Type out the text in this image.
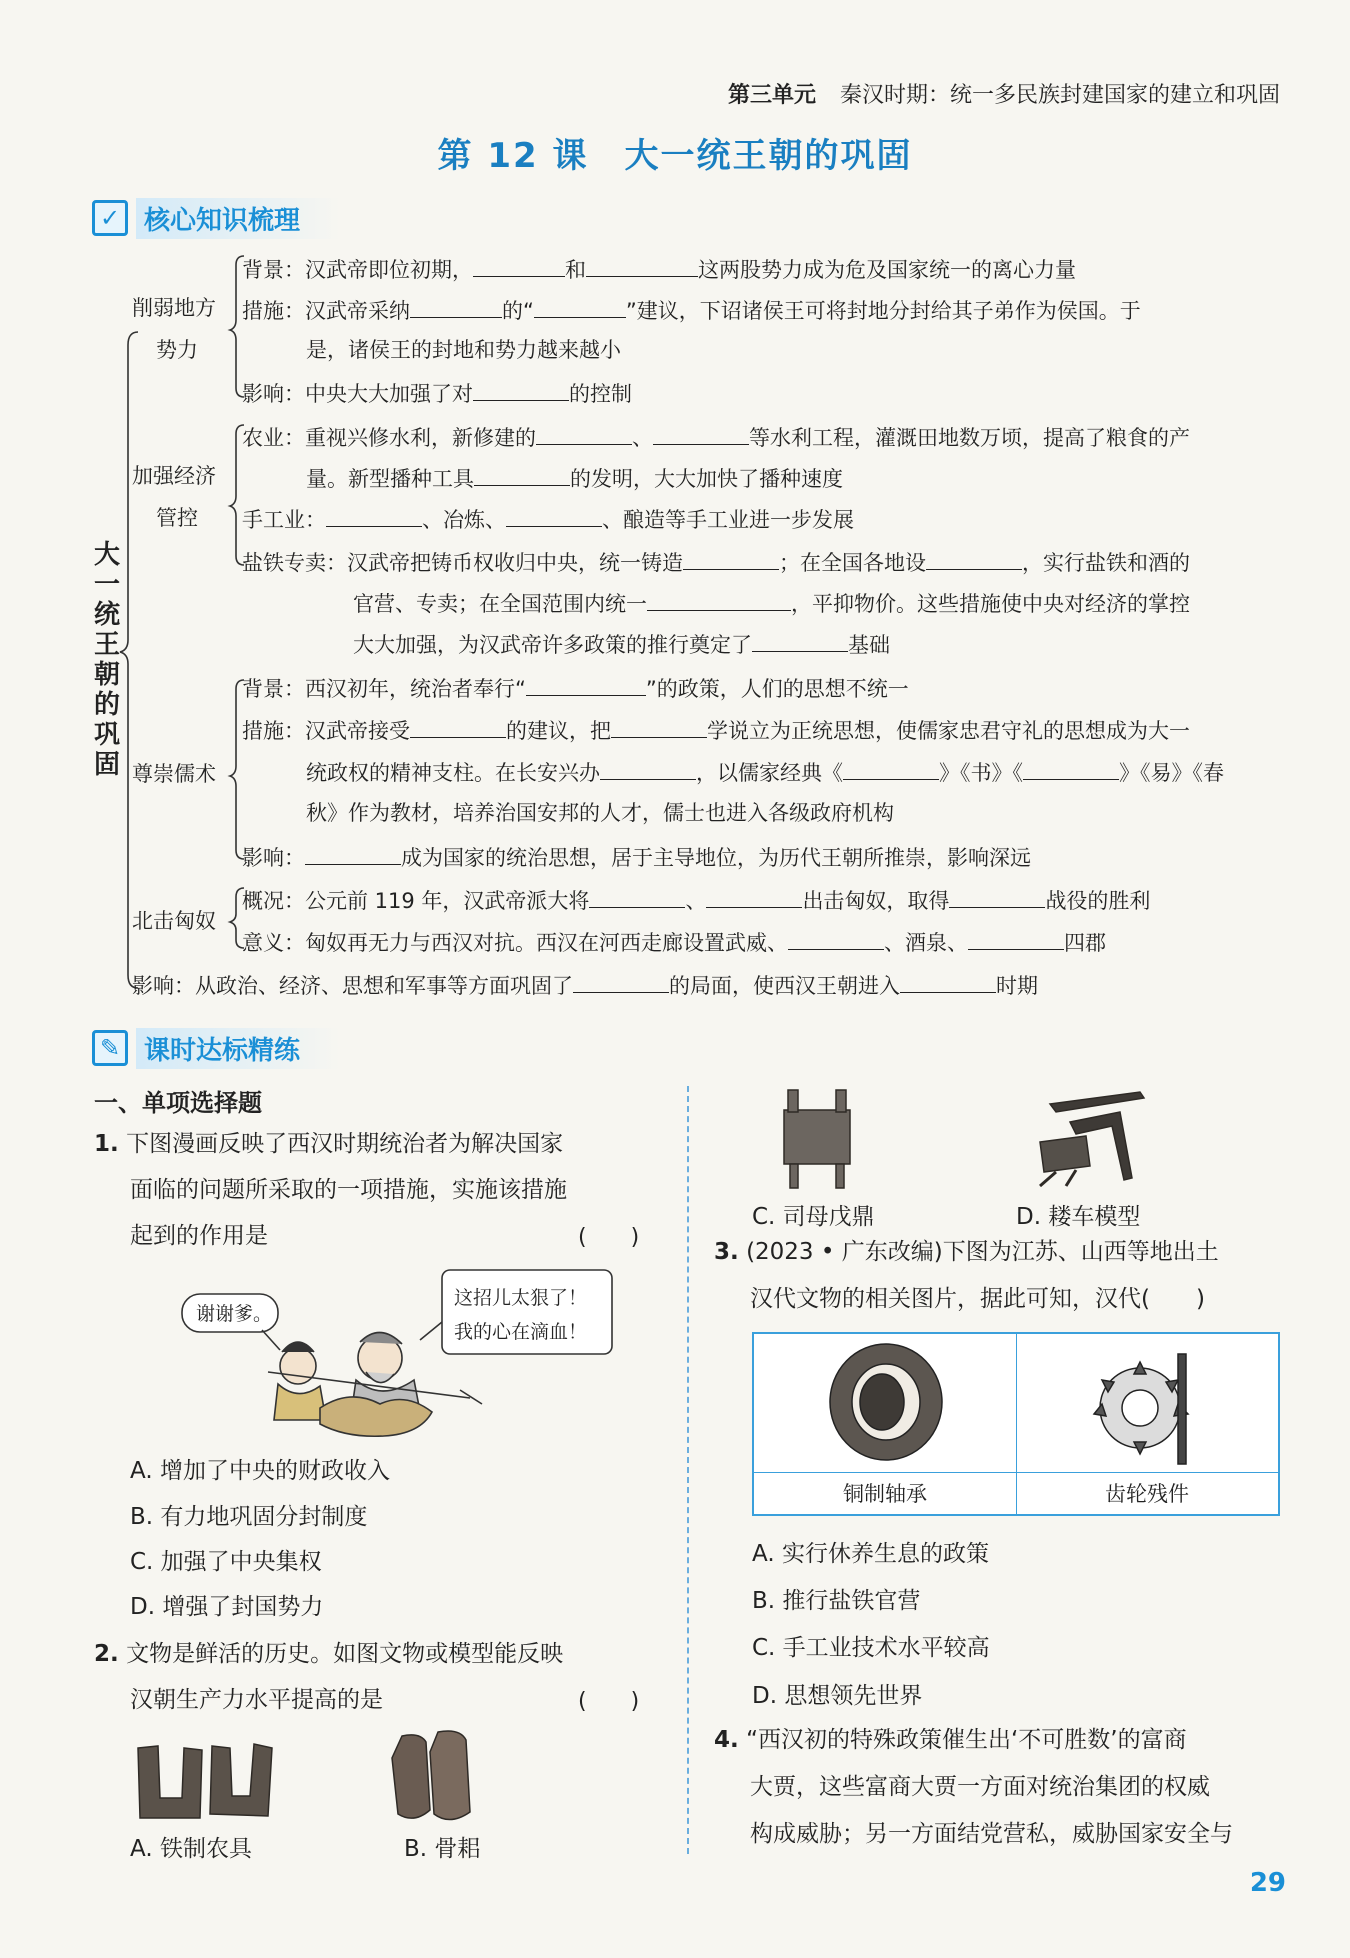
第三单元 秦汉时期：统一多民族封建国家的建立和巩固
第 12 课　大一统王朝的巩固
✓ 核心知识梳理
大一统王朝的巩固
削弱地方
势力
加强经济
管控
尊崇儒术
北击匈奴
背景：汉武帝即位初期，	和	这两股势力成为危及国家统一的离心力量
措施：汉武帝采纳	的“	”建议，下诏诸侯王可将封地分封给其子弟作为侯国。于
是，诸侯王的封地和势力越来越小
影响：中央大大加强了对	的控制
农业：重视兴修水利，新修建的	、	等水利工程，灌溉田地数万顷，提高了粮食的产
量。新型播种工具	的发明，大大加快了播种速度
手工业：	、冶炼、	、酿造等手工业进一步发展
盐铁专卖：汉武帝把铸币权收归中央，统一铸造	；在全国各地设	，实行盐铁和酒的
官营、专卖；在全国范围内统一	，平抑物价。这些措施使中央对经济的掌控
大大加强，为汉武帝许多政策的推行奠定了	基础
背景：西汉初年，统治者奉行“	”的政策，人们的思想不统一
措施：汉武帝接受	的建议，把	学说立为正统思想，使儒家忠君守礼的思想成为大一
统政权的精神支柱。在长安兴办	，以儒家经典《	》《书》《	》《易》《春
秋》作为教材，培养治国安邦的人才，儒士也进入各级政府机构
影响：	成为国家的统治思想，居于主导地位，为历代王朝所推崇，影响深远
概况：公元前 119 年，汉武帝派大将	、	出击匈奴，取得	战役的胜利
意义：匈奴再无力与西汉对抗。西汉在河西走廊设置武威、	、酒泉、	四郡
影响：从政治、经济、思想和军事等方面巩固了	的局面，使西汉王朝进入	时期
✎ 课时达标精练
一、单项选择题
1. 下图漫画反映了西汉时期统治者为解决国家
面临的问题所采取的一项措施，实施该措施
起到的作用是	(　　)
谢谢爹。
这招儿太狠了！
我的心在滴血！
A. 增加了中央的财政收入
B. 有力地巩固分封制度
C. 加强了中央集权
D. 增强了封国势力
2. 文物是鲜活的历史。如图文物或模型能反映
汉朝生产力水平提高的是	(　　)
A. 铁制农具	B. 骨耜
C. 司母戊鼎	D. 耧车模型
3. (2023 • 广东改编)下图为江苏、山西等地出土
汉代文物的相关图片，据此可知，汉代(　　)
铜制轴承	齿轮残件
A. 实行休养生息的政策
B. 推行盐铁官营
C. 手工业技术水平较高
D. 思想领先世界
4. “西汉初的特殊政策催生出‘不可胜数’的富商
大贾，这些富商大贾一方面对统治集团的权威
构成威胁；另一方面结党营私，威胁国家安全与
29
